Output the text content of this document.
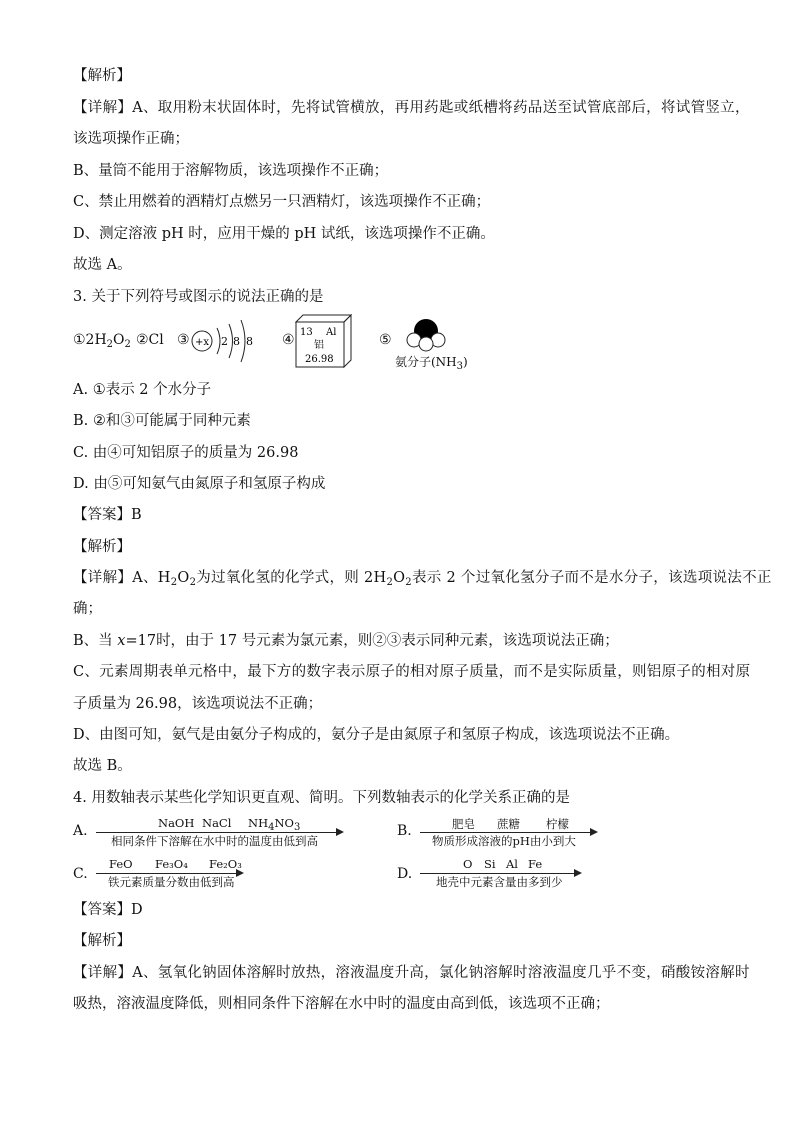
【解析】
【详解】A、取用粉末状固体时，先将试管横放，再用药匙或纸槽将药品送至试管底部后，将试管竖立，
该选项操作正确；
B、量筒不能用于溶解物质，该选项操作不正确；
C、禁止用燃着的酒精灯点燃另一只酒精灯，该选项操作不正确；
D、测定溶液 pH 时，应用干燥的 pH 试纸，该选项操作不正确。
故选 A。
3. 关于下列符号或图示的说法正确的是
$①2H_2O_2$ ②Cl ③ +x 2 8 8 ④ 13 Al
铝
26.98
⑤
氨分子$(NH_3)$
A. ①表示 2 个水分子
B. ②和③可能属于同种元素
C. 由④可知铝原子的质量为 26.98
D. 由⑤可知氨气由氮原子和氢原子构成
【答案】B
【解析】
【详解】A、$H_2O_2$为过氧化氢的化学式，则 $2H_2O_2$表示 2 个过氧化氢分子而不是水分子，该选项说法不正
确；
B、当 x=17时，由于 17 号元素为氯元素，则②③表示同种元素，该选项说法正确；
C、元素周期表单元格中，最下方的数字表示原子的相对原子质量，而不是实际质量，则铝原子的相对原
子质量为 26.98，该选项说法不正确；
D、由图可知，氨气是由氨分子构成的，氨分子是由氮原子和氢原子构成，该选项说法不正确。
故选 B。
4. 用数轴表示某些化学知识更直观、简明。下列数轴表示的化学关系正确的是
A.	NaOH NaCl $NH_4NO_3$
相同条件下溶解在水中时的温度由低到高
B.	肥皂 蔗糖 柠檬
物质形成溶液的pH由小到大
C.
FeO Fe₃O₄ Fe₂O₃
铁元素质量分数由低到高	D.
O Si Al Fe
地壳中元素含量由多到少
【答案】D
【解析】
【详解】A、氢氧化钠固体溶解时放热，溶液温度升高，氯化钠溶解时溶液温度几乎不变，硝酸铵溶解时
吸热，溶液温度降低，则相同条件下溶解在水中时的温度由高到低，该选项不正确；
